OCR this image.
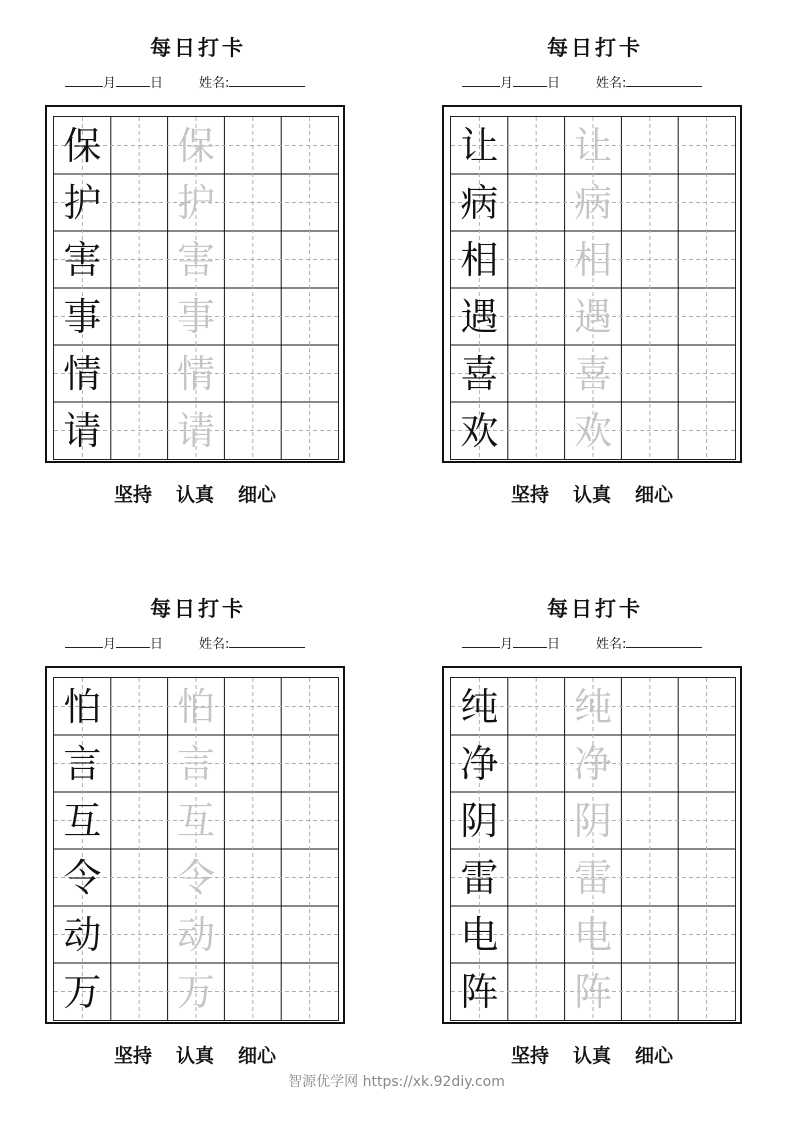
每日打卡
月	日	姓名:
保 保
护 护
害 害
事 事
情 情
请 请
坚持 认真 细心
每日打卡
月	日	姓名:
让 让
病 病
相 相
遇 遇
喜 喜
欢 欢
坚持 认真 细心
每日打卡
月	日	姓名:
怕 怕
言 言
互 互
令 令
动 动
万 万
坚持 认真 细心
每日打卡
月	日	姓名:
纯 纯
净 净
阴 阴
雷 雷
电 电
阵 阵
坚持 认真 细心
智源优学网 https://xk.92diy.com
